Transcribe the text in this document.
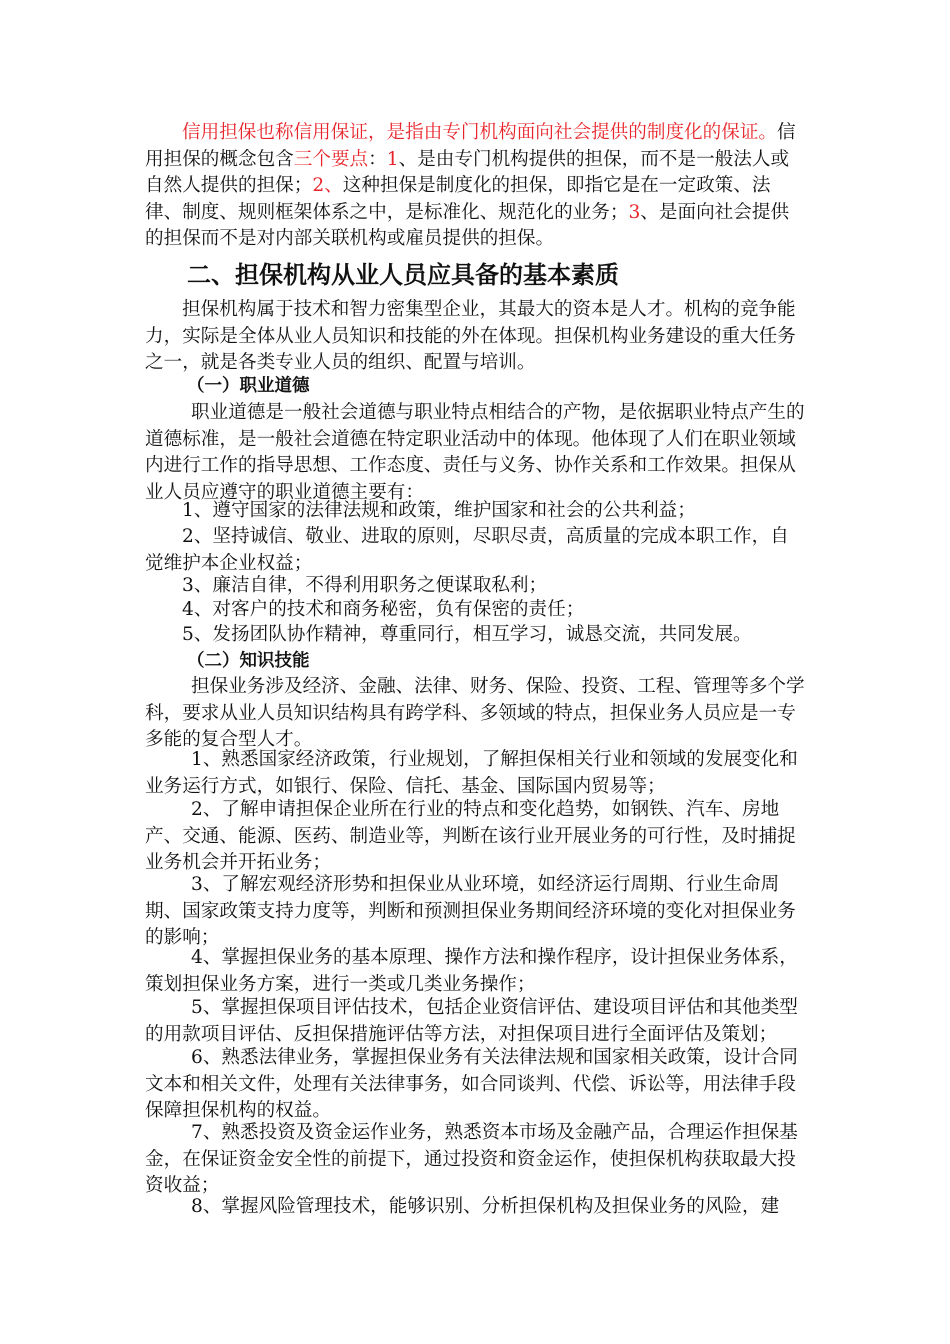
信用担保也称信用保证，是指由专门机构面向社会提供的制度化的保证。信用担保的概念包含三个要点：1、是由专门机构提供的担保，而不是一般法人或自然人提供的担保；2、这种担保是制度化的担保，即指它是在一定政策、法律、制度、规则框架体系之中，是标准化、规范化的业务；3、是面向社会提供的担保而不是对内部关联机构或雇员提供的担保。
二、担保机构从业人员应具备的基本素质
担保机构属于技术和智力密集型企业，其最大的资本是人才。机构的竞争能力，实际是全体从业人员知识和技能的外在体现。担保机构业务建设的重大任务之一，就是各类专业人员的组织、配置与培训。
（一）职业道德
职业道德是一般社会道德与职业特点相结合的产物，是依据职业特点产生的道德标准，是一般社会道德在特定职业活动中的体现。他体现了人们在职业领域内进行工作的指导思想、工作态度、责任与义务、协作关系和工作效果。担保从业人员应遵守的职业道德主要有：
1、遵守国家的法律法规和政策，维护国家和社会的公共利益；
2、坚持诚信、敬业、进取的原则，尽职尽责，高质量的完成本职工作，自觉维护本企业权益；
3、廉洁自律，不得利用职务之便谋取私利；
4、对客户的技术和商务秘密，负有保密的责任；
5、发扬团队协作精神，尊重同行，相互学习，诚恳交流，共同发展。
（二）知识技能
担保业务涉及经济、金融、法律、财务、保险、投资、工程、管理等多个学科，要求从业人员知识结构具有跨学科、多领域的特点，担保业务人员应是一专多能的复合型人才。
1、熟悉国家经济政策，行业规划，了解担保相关行业和领域的发展变化和业务运行方式，如银行、保险、信托、基金、国际国内贸易等；
2、了解申请担保企业所在行业的特点和变化趋势，如钢铁、汽车、房地产、交通、能源、医药、制造业等，判断在该行业开展业务的可行性，及时捕捉业务机会并开拓业务；
3、了解宏观经济形势和担保业从业环境，如经济运行周期、行业生命周期、国家政策支持力度等，判断和预测担保业务期间经济环境的变化对担保业务的影响；
4、掌握担保业务的基本原理、操作方法和操作程序，设计担保业务体系，策划担保业务方案，进行一类或几类业务操作；
5、掌握担保项目评估技术，包括企业资信评估、建设项目评估和其他类型的用款项目评估、反担保措施评估等方法，对担保项目进行全面评估及策划；
6、熟悉法律业务，掌握担保业务有关法律法规和国家相关政策，设计合同文本和相关文件，处理有关法律事务，如合同谈判、代偿、诉讼等，用法律手段保障担保机构的权益。
7、熟悉投资及资金运作业务，熟悉资本市场及金融产品，合理运作担保基金，在保证资金安全性的前提下，通过投资和资金运作，使担保机构获取最大投资收益；
8、掌握风险管理技术，能够识别、分析担保机构及担保业务的风险，建
